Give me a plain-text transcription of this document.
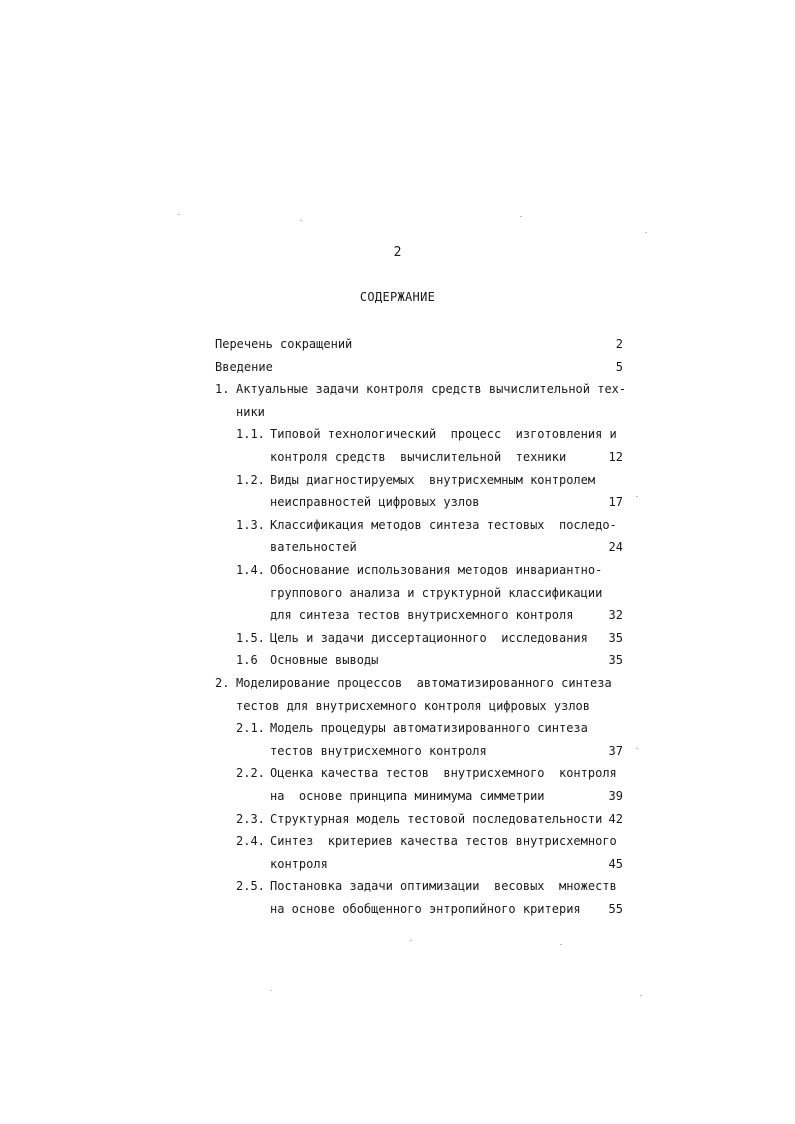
2
СОДЕРЖАНИЕ
Перечень сокращений	2
Введение	5
1. Актуальные задачи контроля средств вычислительной тех-
ники
1.1. Типовой технологический  процесс  изготовления и
контроля средств  вычислительной  техники	12
1.2. Виды диагностируемых  внутрисхемным контролем
неисправностей цифровых узлов	17
1.3. Классификация методов синтеза тестовых  последо-
вательностей	24
1.4. Обоснование использования методов инвариантно-
группового анализа и структурной классификации
для синтеза тестов внутрисхемного контроля	32
1.5. Цель и задачи диссертационного  исследования	35
1.6 Основные выводы	35
2. Моделирование процессов  автоматизированного синтеза
тестов для внутрисхемного контроля цифровых узлов
2.1. Модель процедуры автоматизированного синтеза
тестов внутрисхемного контроля	37
2.2. Оценка качества тестов  внутрисхемного  контроля
на  основе принципа минимума симметрии	39
2.3. Структурная модель тестовой последовательности 42
2.4. Синтез  критериев качества тестов внутрисхемного
контроля	45
2.5. Постановка задачи оптимизации  весовых  множеств
на основе обобщенного энтропийного критерия	55
